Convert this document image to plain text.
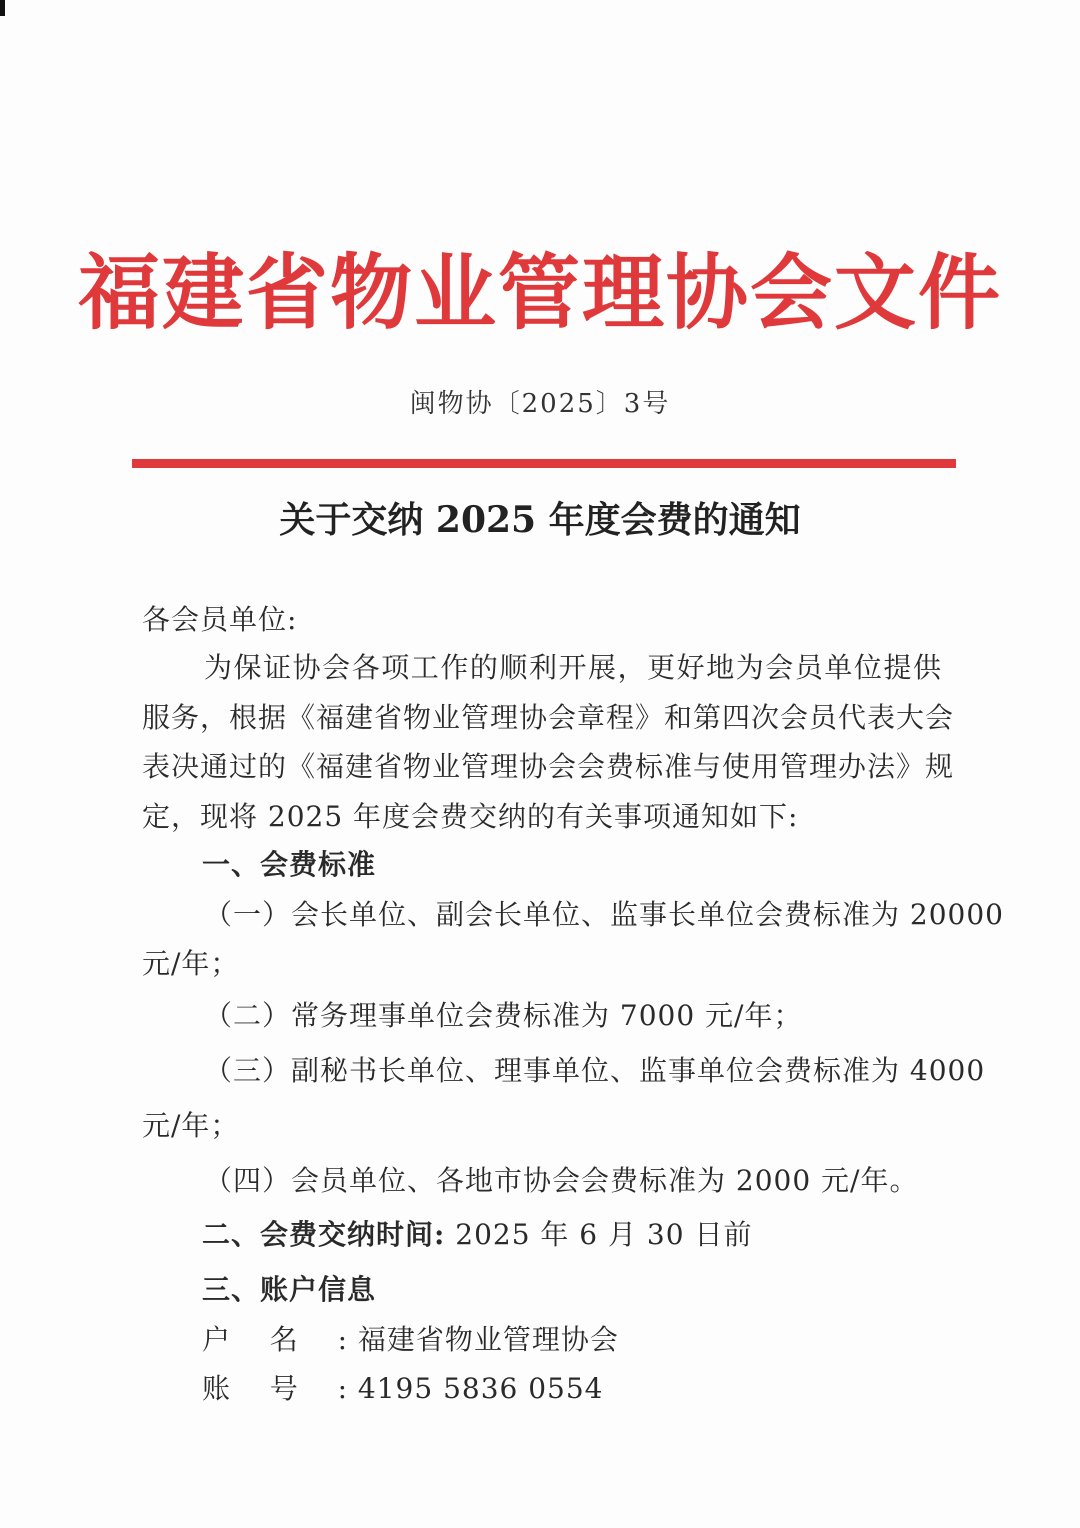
福建省物业管理协会文件
闽物协〔2025〕3号
关于交纳 2025 年度会费的通知
各会员单位:
为保证协会各项工作的顺利开展，更好地为会员单位提供
服务，根据《福建省物业管理协会章程》和第四次会员代表大会
表决通过的《福建省物业管理协会会费标准与使用管理办法》规
定，现将 2025 年度会费交纳的有关事项通知如下:
一、会费标准
（一）会长单位、副会长单位、监事长单位会费标准为 20000
元/年；
（二）常务理事单位会费标准为 7000 元/年；
（三）副秘书长单位、理事单位、监事单位会费标准为 4000
元/年；
（四）会员单位、各地市协会会费标准为 2000 元/年。
二、会费交纳时间: 2025 年 6 月 30 日前
三、账户信息
户名: 福建省物业管理协会
账号: 4195 5836 0554
